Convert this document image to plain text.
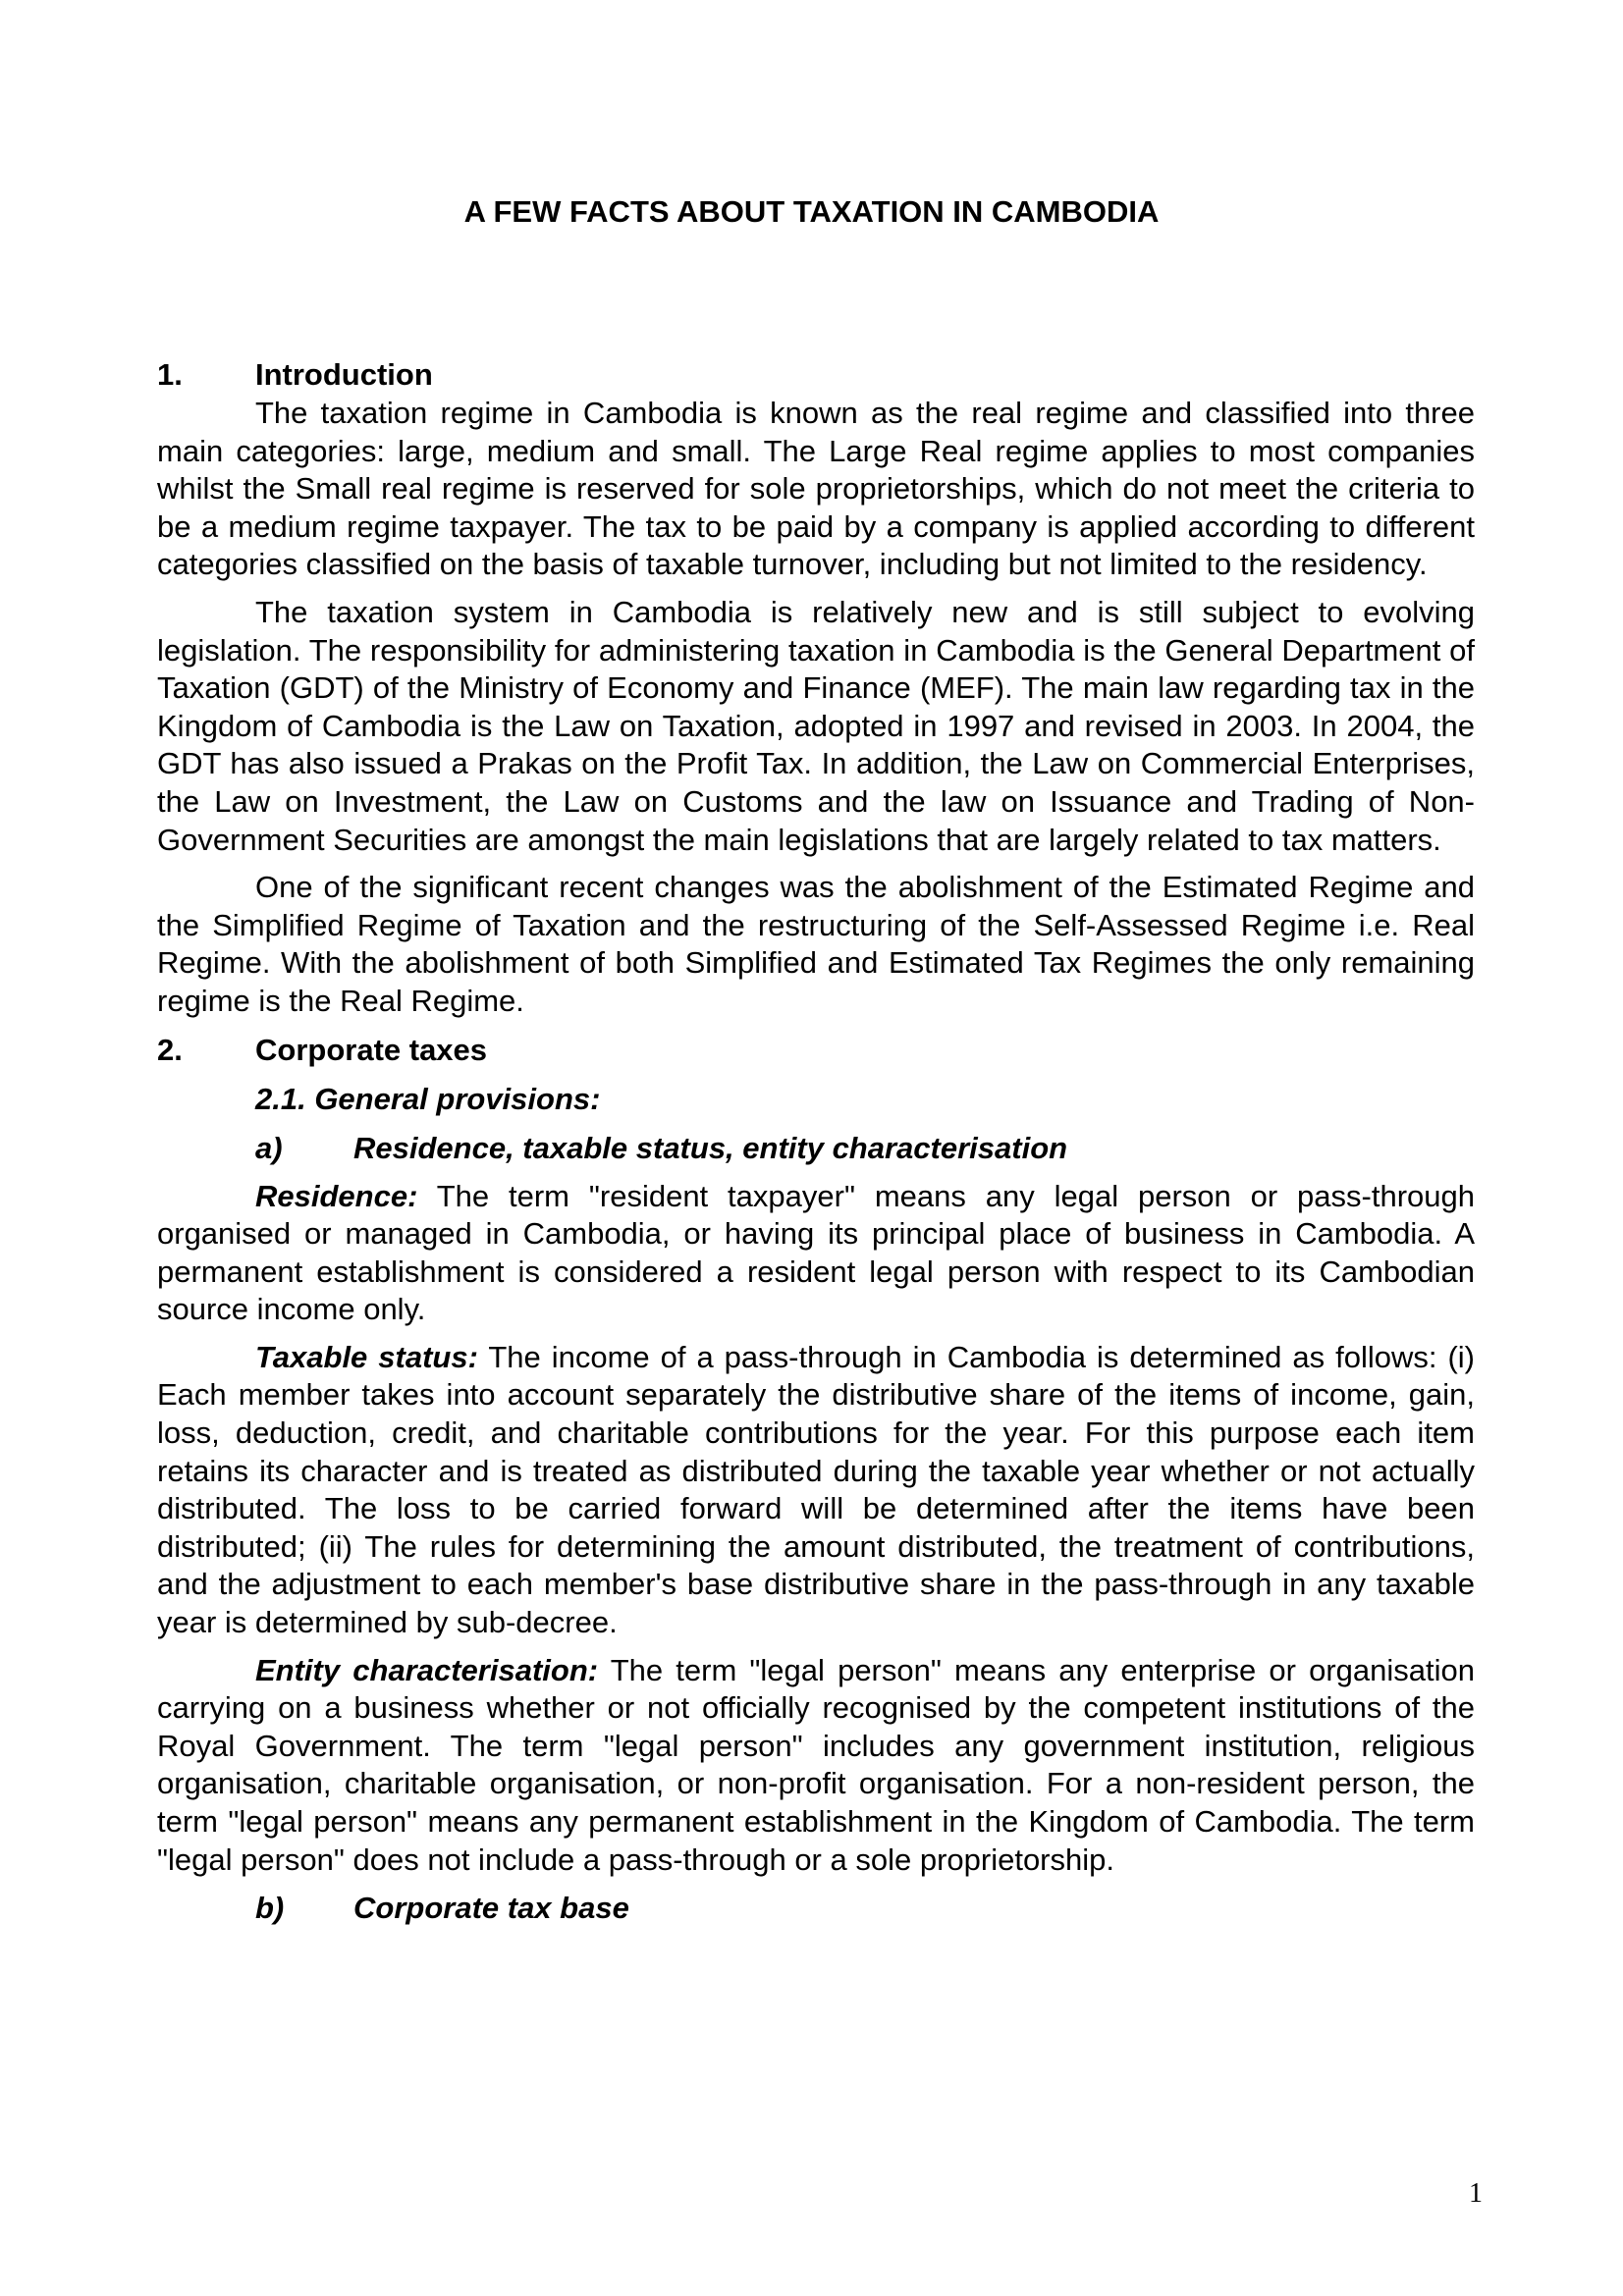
A FEW FACTS ABOUT TAXATION IN CAMBODIA
1. Introduction

The taxation regime in Cambodia is known as the real regime and classified into three main categories: large, medium and small. The Large Real regime applies to most companies whilst the Small real regime is reserved for sole proprietorships, which do not meet the criteria to be a medium regime taxpayer. The tax to be paid by a company is applied according to different categories classified on the basis of taxable turnover, including but not limited to the residency.

The taxation system in Cambodia is relatively new and is still subject to evolving legislation. The responsibility for administering taxation in Cambodia is the General Department of Taxation (GDT) of the Ministry of Economy and Finance (MEF). The main law regarding tax in the Kingdom of Cambodia is the Law on Taxation, adopted in 1997 and revised in 2003. In 2004, the GDT has also issued a Prakas on the Profit Tax. In addition, the Law on Commercial Enterprises, the Law on Investment, the Law on Customs and the law on Issuance and Trading of Non-Government Securities are amongst the main legislations that are largely related to tax matters.

One of the significant recent changes was the abolishment of the Estimated Regime and the Simplified Regime of Taxation and the restructuring of the Self-Assessed Regime i.e. Real Regime. With the abolishment of both Simplified and Estimated Tax Regimes the only remaining regime is the Real Regime.

2. Corporate taxes
2.1. General provisions:
a) Residence, taxable status, entity characterisation

Residence: The term "resident taxpayer" means any legal person or pass-through organised or managed in Cambodia, or having its principal place of business in Cambodia. A permanent establishment is considered a resident legal person with respect to its Cambodian source income only.

Taxable status: The income of a pass-through in Cambodia is determined as follows: (i) Each member takes into account separately the distributive share of the items of income, gain, loss, deduction, credit, and charitable contributions for the year. For this purpose each item retains its character and is treated as distributed during the taxable year whether or not actually distributed. The loss to be carried forward will be determined after the items have been distributed; (ii) The rules for determining the amount distributed, the treatment of contributions, and the adjustment to each member's base distributive share in the pass-through in any taxable year is determined by sub-decree.

Entity characterisation: The term "legal person" means any enterprise or organisation carrying on a business whether or not officially recognised by the competent institutions of the Royal Government. The term "legal person" includes any government institution, religious organisation, charitable organisation, or non-profit organisation. For a non-resident person, the term "legal person" means any permanent establishment in the Kingdom of Cambodia. The term "legal person" does not include a pass-through or a sole proprietorship.

b) Corporate tax base
1
